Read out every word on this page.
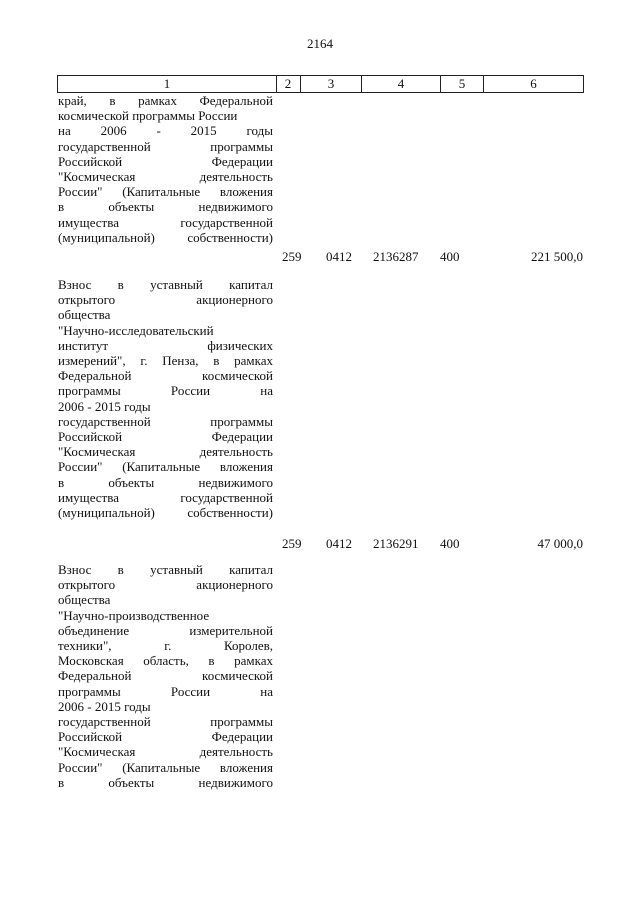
2164
1	2	3	4	5	6
край, в рамках Федеральной
космической программы России
на 2006 - 2015 годы
государственной программы
Российской Федерации
"Космическая деятельность
России" (Капитальные вложения
в объекты недвижимого
имущества государственной
(муниципальной) собственности)
259 0412 2136287 400	221 500,0
Взнос в уставный капитал
открытого акционерного
общества
"Научно-исследовательский
институт физических
измерений", г. Пенза, в рамках
Федеральной космической
программы России на
2006 - 2015 годы
государственной программы
Российской Федерации
"Космическая деятельность
России" (Капитальные вложения
в объекты недвижимого
имущества государственной
(муниципальной) собственности)
259 0412 2136291 400	47 000,0
Взнос в уставный капитал
открытого акционерного
общества
"Научно-производственное
объединение измерительной
техники", г. Королев,
Московская область, в рамках
Федеральной космической
программы России на
2006 - 2015 годы
государственной программы
Российской Федерации
"Космическая деятельность
России" (Капитальные вложения
в объекты недвижимого
